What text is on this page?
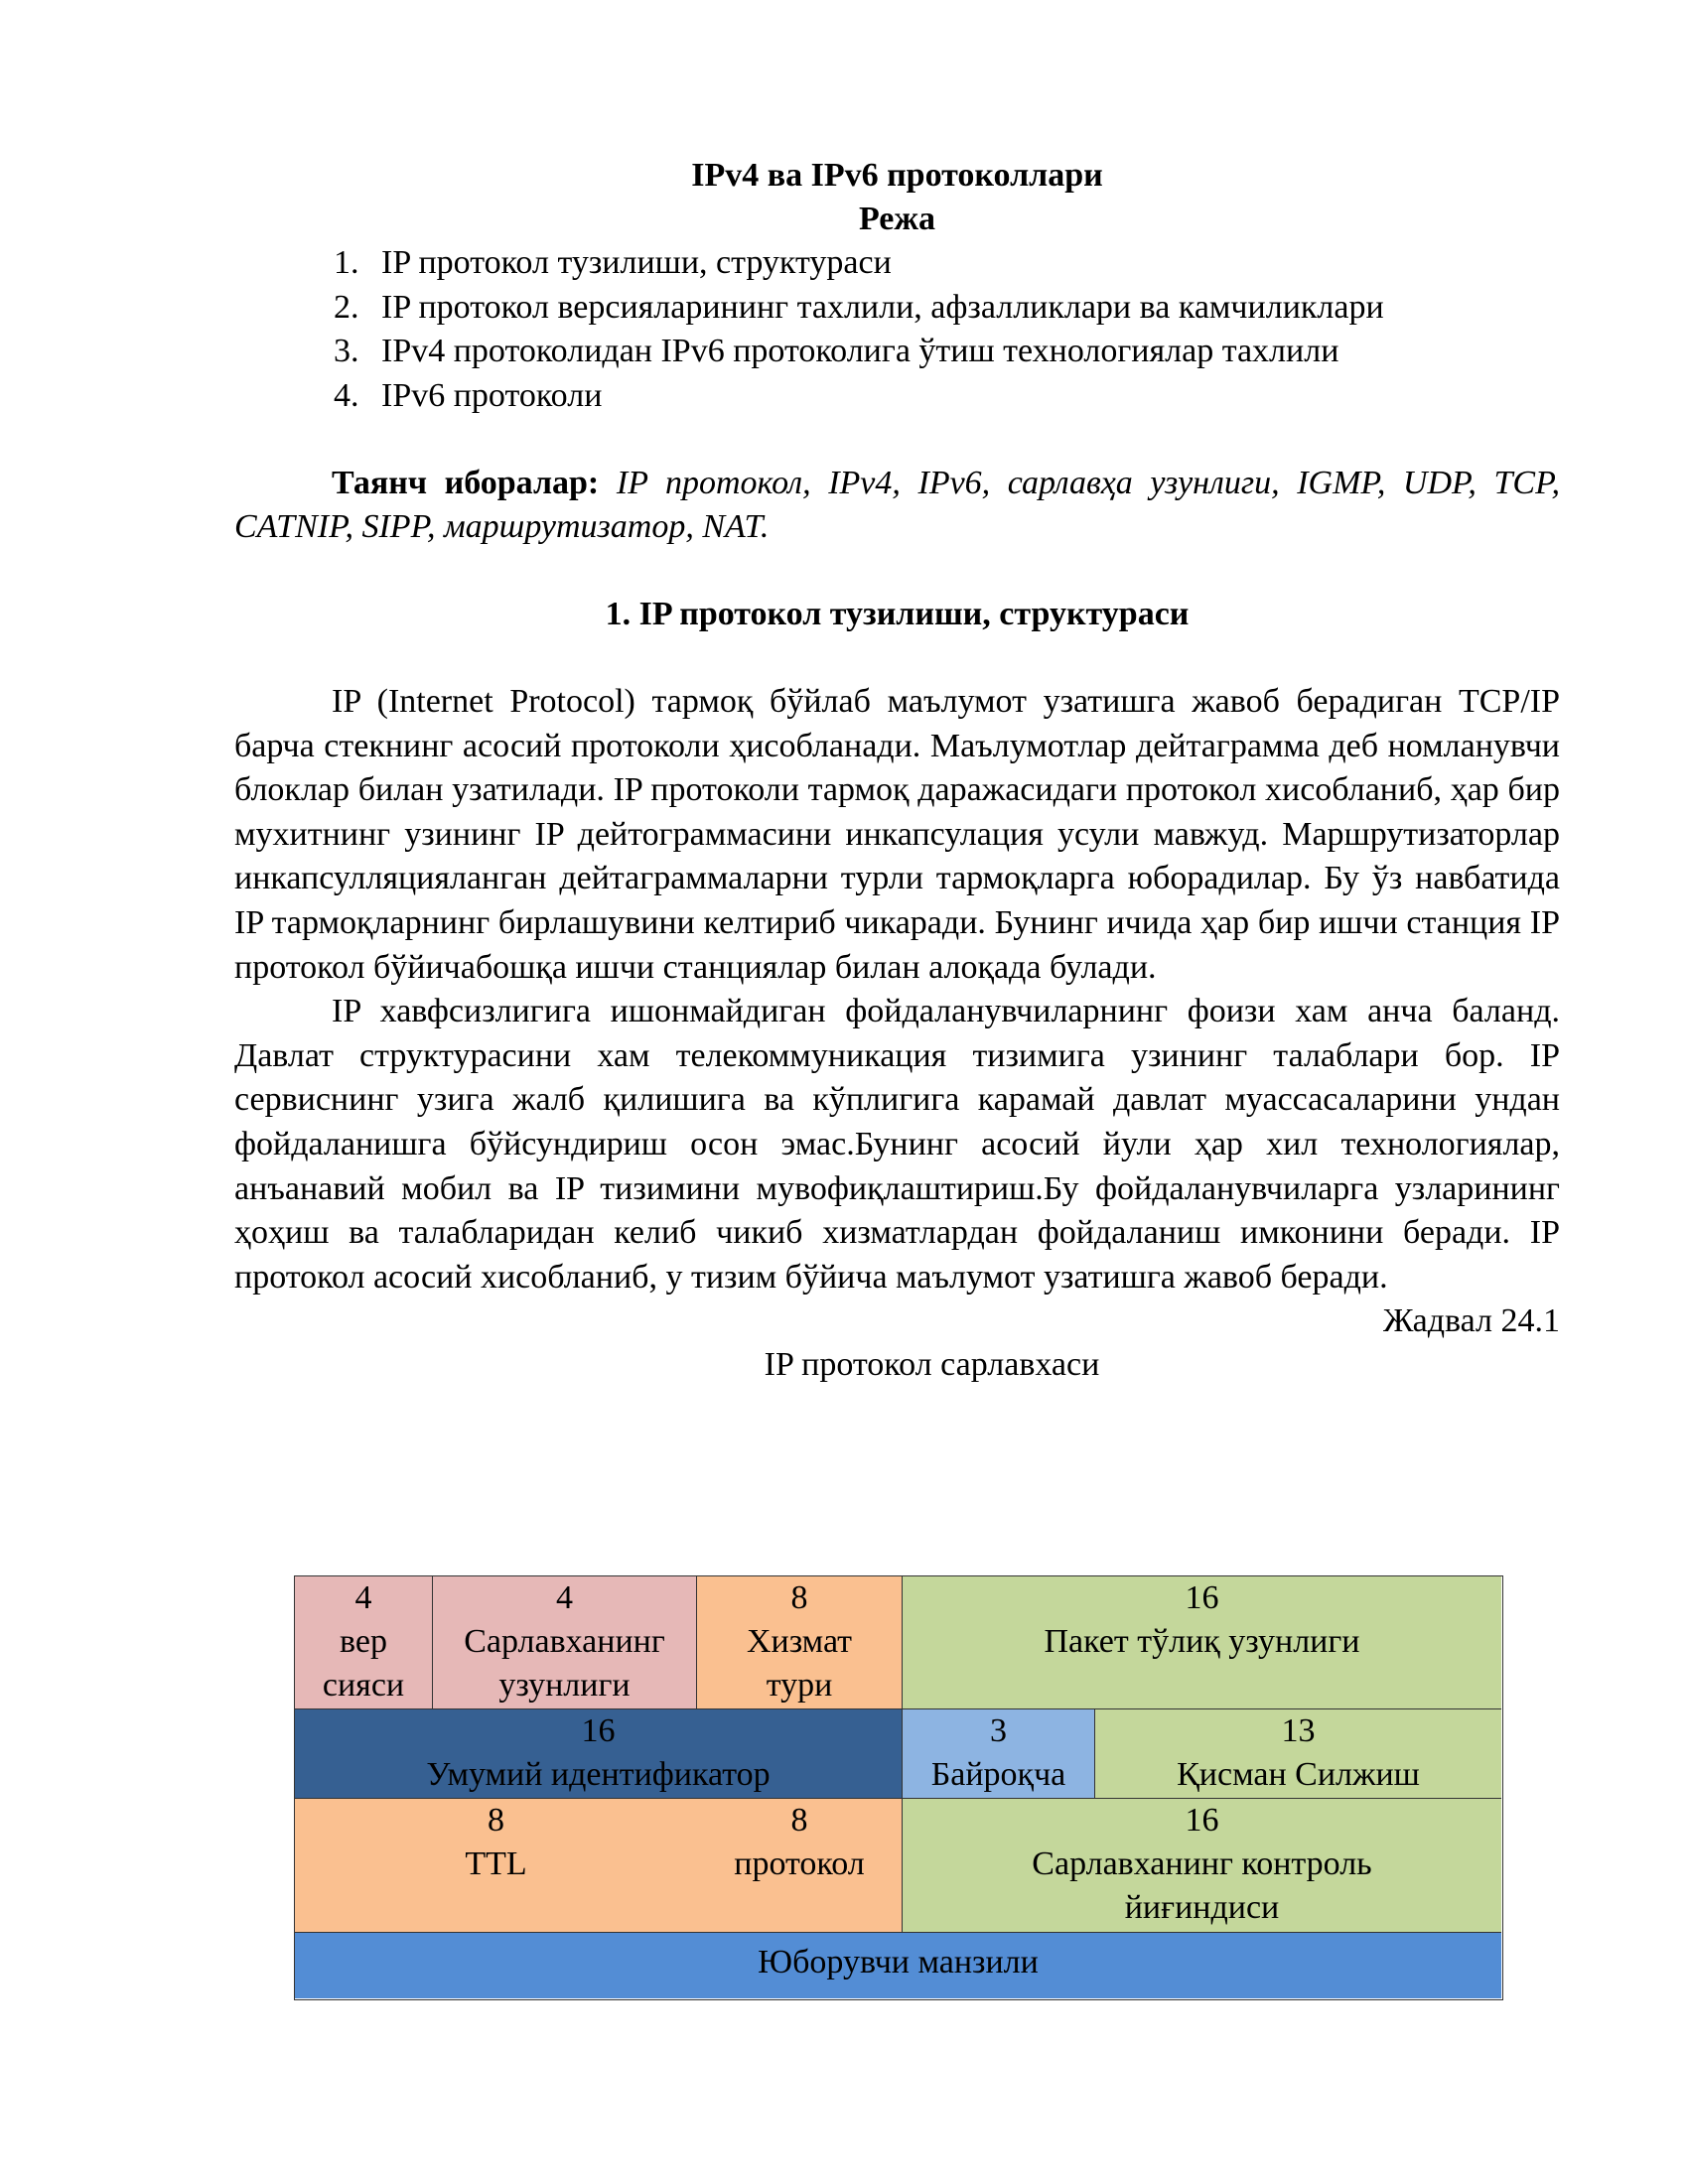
IPv4 ва IPv6 протоколлари
Режа
1. IP протокол тузилиши, структураси
2. IP протокол версияларининг тахлили, афзалликлари ва камчиликлари
3. IPv4 протоколидан IPv6 протоколига ўтиш технологиялар тахлили
4. IPv6 протоколи

Таянч иборалар: IP протокол, IPv4, IPv6, сарлавҳа узунлиги, IGMP, UDP, TCP, CATNIP, SIPP, маршрутизатор, NAT.

1. IP протокол тузилиши, структураси

IP (Internet Protocol) тармоқ бўйлаб маълумот узатишга жавоб берадиган TCP/IP барча стекнинг асосий протоколи ҳисобланади. Маълумотлар дейтаграмма деб номланувчи блоклар билан узатилади. IP протоколи тармоқ даражасидаги протокол хисобланиб, ҳар бир мухитнинг узининг IP дейтограммасини инкапсулация усули мавжуд. Маршрутизаторлар инкапсулляцияланган дейтаграммаларни турли тармоқларга юборадилар. Бу ўз навбатида IP тармоқларнинг бирлашувини келтириб чикаради. Бунинг ичида ҳар бир ишчи станция IP протокол бўйичабошқа ишчи станциялар билан алоқада булади.

IP хавфсизлигига ишонмайдиган фойдаланувчиларнинг фоизи хам анча баланд. Давлат структурасини хам телекоммуникация тизимига узининг талаблари бор. IP сервиснинг узига жалб қилишига ва кўплигига карамай давлат муассасаларини ундан фойдаланишга бўйсундириш осон эмас.Бунинг асосий йули ҳар хил технологиялар, анъанавий мобил ва IP тизимини мувофиқлаштириш.Бу фойдаланувчиларга узларининг ҳоҳиш ва талабларидан келиб чикиб хизматлардан фойдаланиш имконини беради. IP протокол асосий хисобланиб, у тизим бўйича маълумот узатишга жавоб беради.

Жадвал 24.1

IP протокол сарлавхаси

4
вер
сияси
4
Сарлавханинг
узунлиги
8
Хизмат
тури
16
Пакет тўлиқ узунлиги
16
Умумий идентификатор
3
Байроқча
13
Қисман Силжиш
8
TTL
8
протокол
16
Сарлавханинг контроль
йиғиндиси
Юборувчи манзили
